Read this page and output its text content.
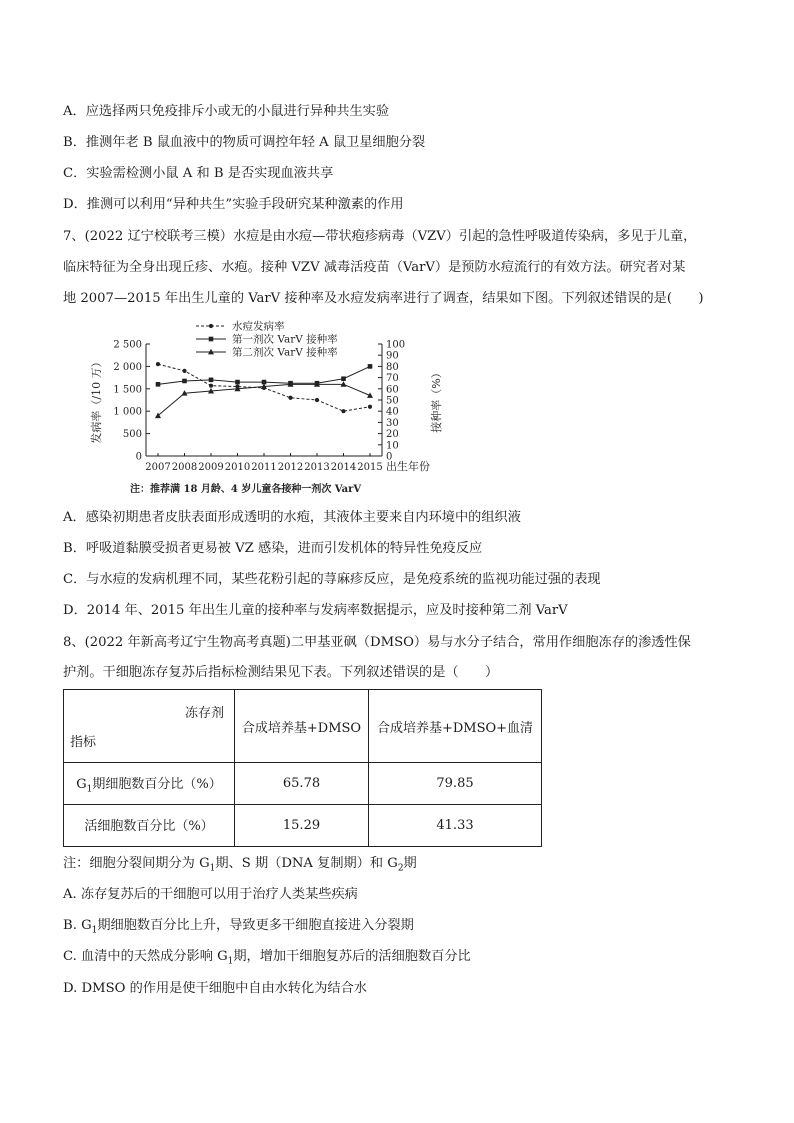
A．应选择两只免疫排斥小或无的小鼠进行异种共生实验
B．推测年老 B 鼠血液中的物质可调控年轻 A 鼠卫星细胞分裂
C．实验需检测小鼠 A 和 B 是否实现血液共享
D．推测可以利用“异种共生”实验手段研究某种激素的作用
7、(2022 辽宁校联考三模）水痘是由水痘—带状疱疹病毒（VZV）引起的急性呼吸道传染病，多见于儿童，
临床特征为全身出现丘疹、水疱。接种 VZV 减毒活疫苗（VarV）是预防水痘流行的有效方法。研究者对某
地 2007—2015 年出生儿童的 VarV 接种率及水痘发病率进行了调查，结果如下图。下列叙述错误的是(　　)
水痘发病率
第一剂次 VarV 接种率
第二剂次 VarV 接种率
0
500
1 000
1 500
2 000
2 500
0
10
20
30
40
50
60
70
80
90
100
2007 2008 2009 2010 2011 2012 2013 2014 2015 出生年份
发病率（/10 万）	接种率（%）
注：推荐满 18 月龄、4 岁儿童各接种一剂次 VarV
A．感染初期患者皮肤表面形成透明的水疱，其液体主要来自内环境中的组织液
B．呼吸道黏膜受损者更易被 VZ 感染，进而引发机体的特异性免疫反应
C．与水痘的发病机理不同，某些花粉引起的荨麻疹反应，是免疫系统的监视功能过强的表现
D．2014 年、2015 年出生儿童的接种率与发病率数据提示，应及时接种第二剂 VarV
8、(2022 年新高考辽宁生物高考真题)二甲基亚砜（DMSO）易与水分子结合，常用作细胞冻存的渗透性保
护剂。干细胞冻存复苏后指标检测结果见下表。下列叙述错误的是（　　）
冻存剂
指标	合成培养基+DMSO	合成培养基+DMSO+血清
$G_1$期细胞数百分比（%）	65.78	79.85
活细胞数百分比（%）	15.29	41.33
注：细胞分裂间期分为 $G_1$期、S 期（DNA 复制期）和 $G_2$期
A. 冻存复苏后的干细胞可以用于治疗人类某些疾病
B. $G_1$期细胞数百分比上升，导致更多干细胞直接进入分裂期
C. 血清中的天然成分影响 $G_1$期，增加干细胞复苏后的活细胞数百分比
D. DMSO 的作用是使干细胞中自由水转化为结合水
